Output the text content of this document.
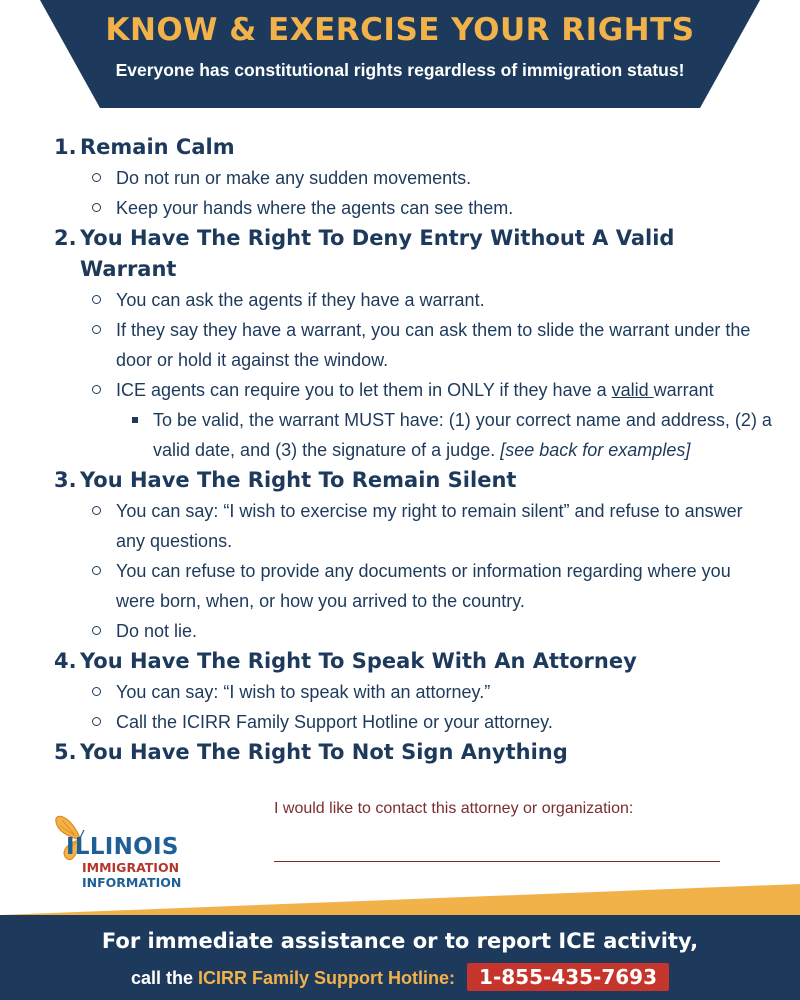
KNOW & EXERCISE YOUR RIGHTS
Everyone has constitutional rights regardless of immigration status!
1. Remain Calm
Do not run or make any sudden movements.
Keep your hands where the agents can see them.
2. You Have The Right To Deny Entry Without A Valid Warrant
You can ask the agents if they have a warrant.
If they say they have a warrant, you can ask them to slide the warrant under the door or hold it against the window.
ICE agents can require you to let them in ONLY if they have a valid warrant
To be valid, the warrant MUST have: (1) your correct name and address, (2) a valid date, and (3) the signature of a judge. [see back for examples]
3. You Have The Right To Remain Silent
You can say: “I wish to exercise my right to remain silent” and refuse to answer any questions.
You can refuse to provide any documents or information regarding where you were born, when, or how you arrived to the country.
Do not lie.
4. You Have The Right To Speak With An Attorney
You can say: “I wish to speak with an attorney.”
Call the ICIRR Family Support Hotline or your attorney.
5. You Have The Right To Not Sign Anything
ILLINOIS
IMMIGRATION
INFORMATION
I would like to contact this attorney or organization:
For immediate assistance or to report ICE activity,
call the ICIRR Family Support Hotline: 1-855-435-7693
